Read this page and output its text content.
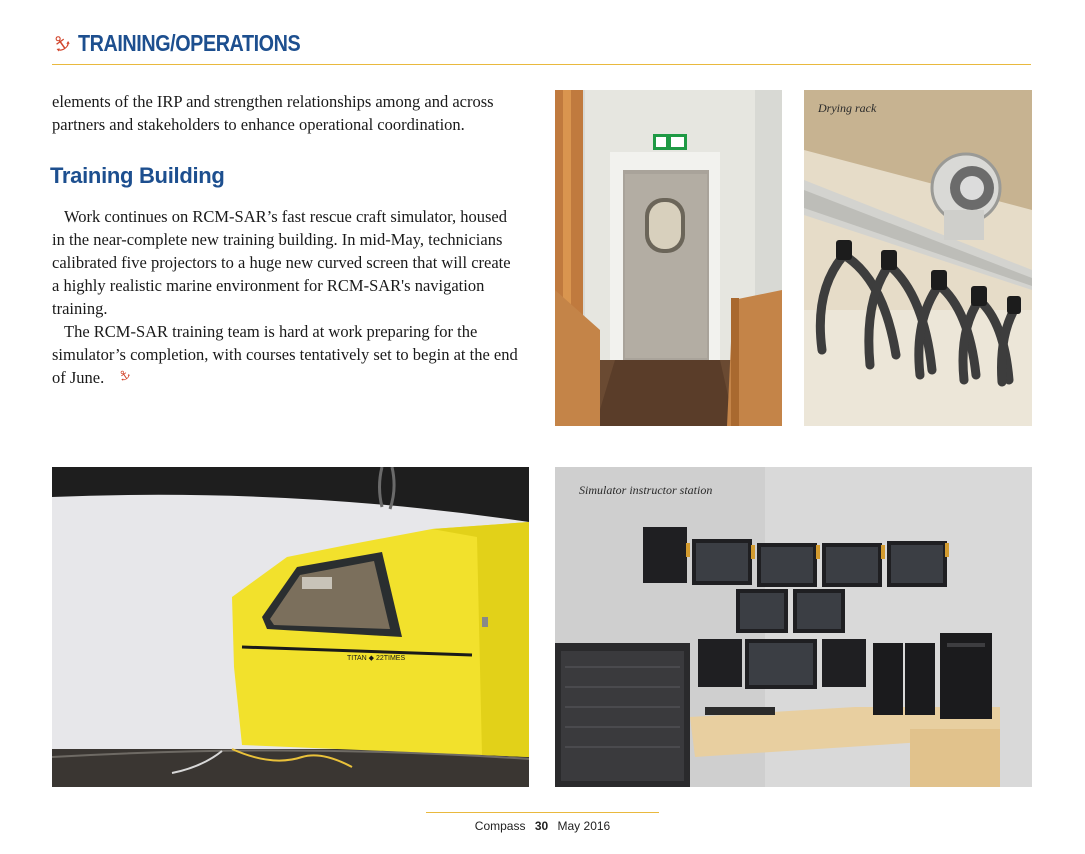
⚓ TRAINING/OPERATIONS

elements of the IRP and strengthen relationships among and across partners and stakeholders to enhance operational coordination.

Training Building

Work continues on RCM-SAR’s fast rescue craft simulator, housed in the near-complete new training building. In mid-May, technicians calibrated five projectors to a huge new curved screen that will create a highly realistic marine environment for RCM-SAR's navigation training.

The RCM-SAR training team is hard at work preparing for the simulator’s completion, with courses tentatively set to begin at the end of June. ⚓

Drying rack
TITAN ◆ 22TIMES
Simulator instructor station
Compass 30 May 2016
